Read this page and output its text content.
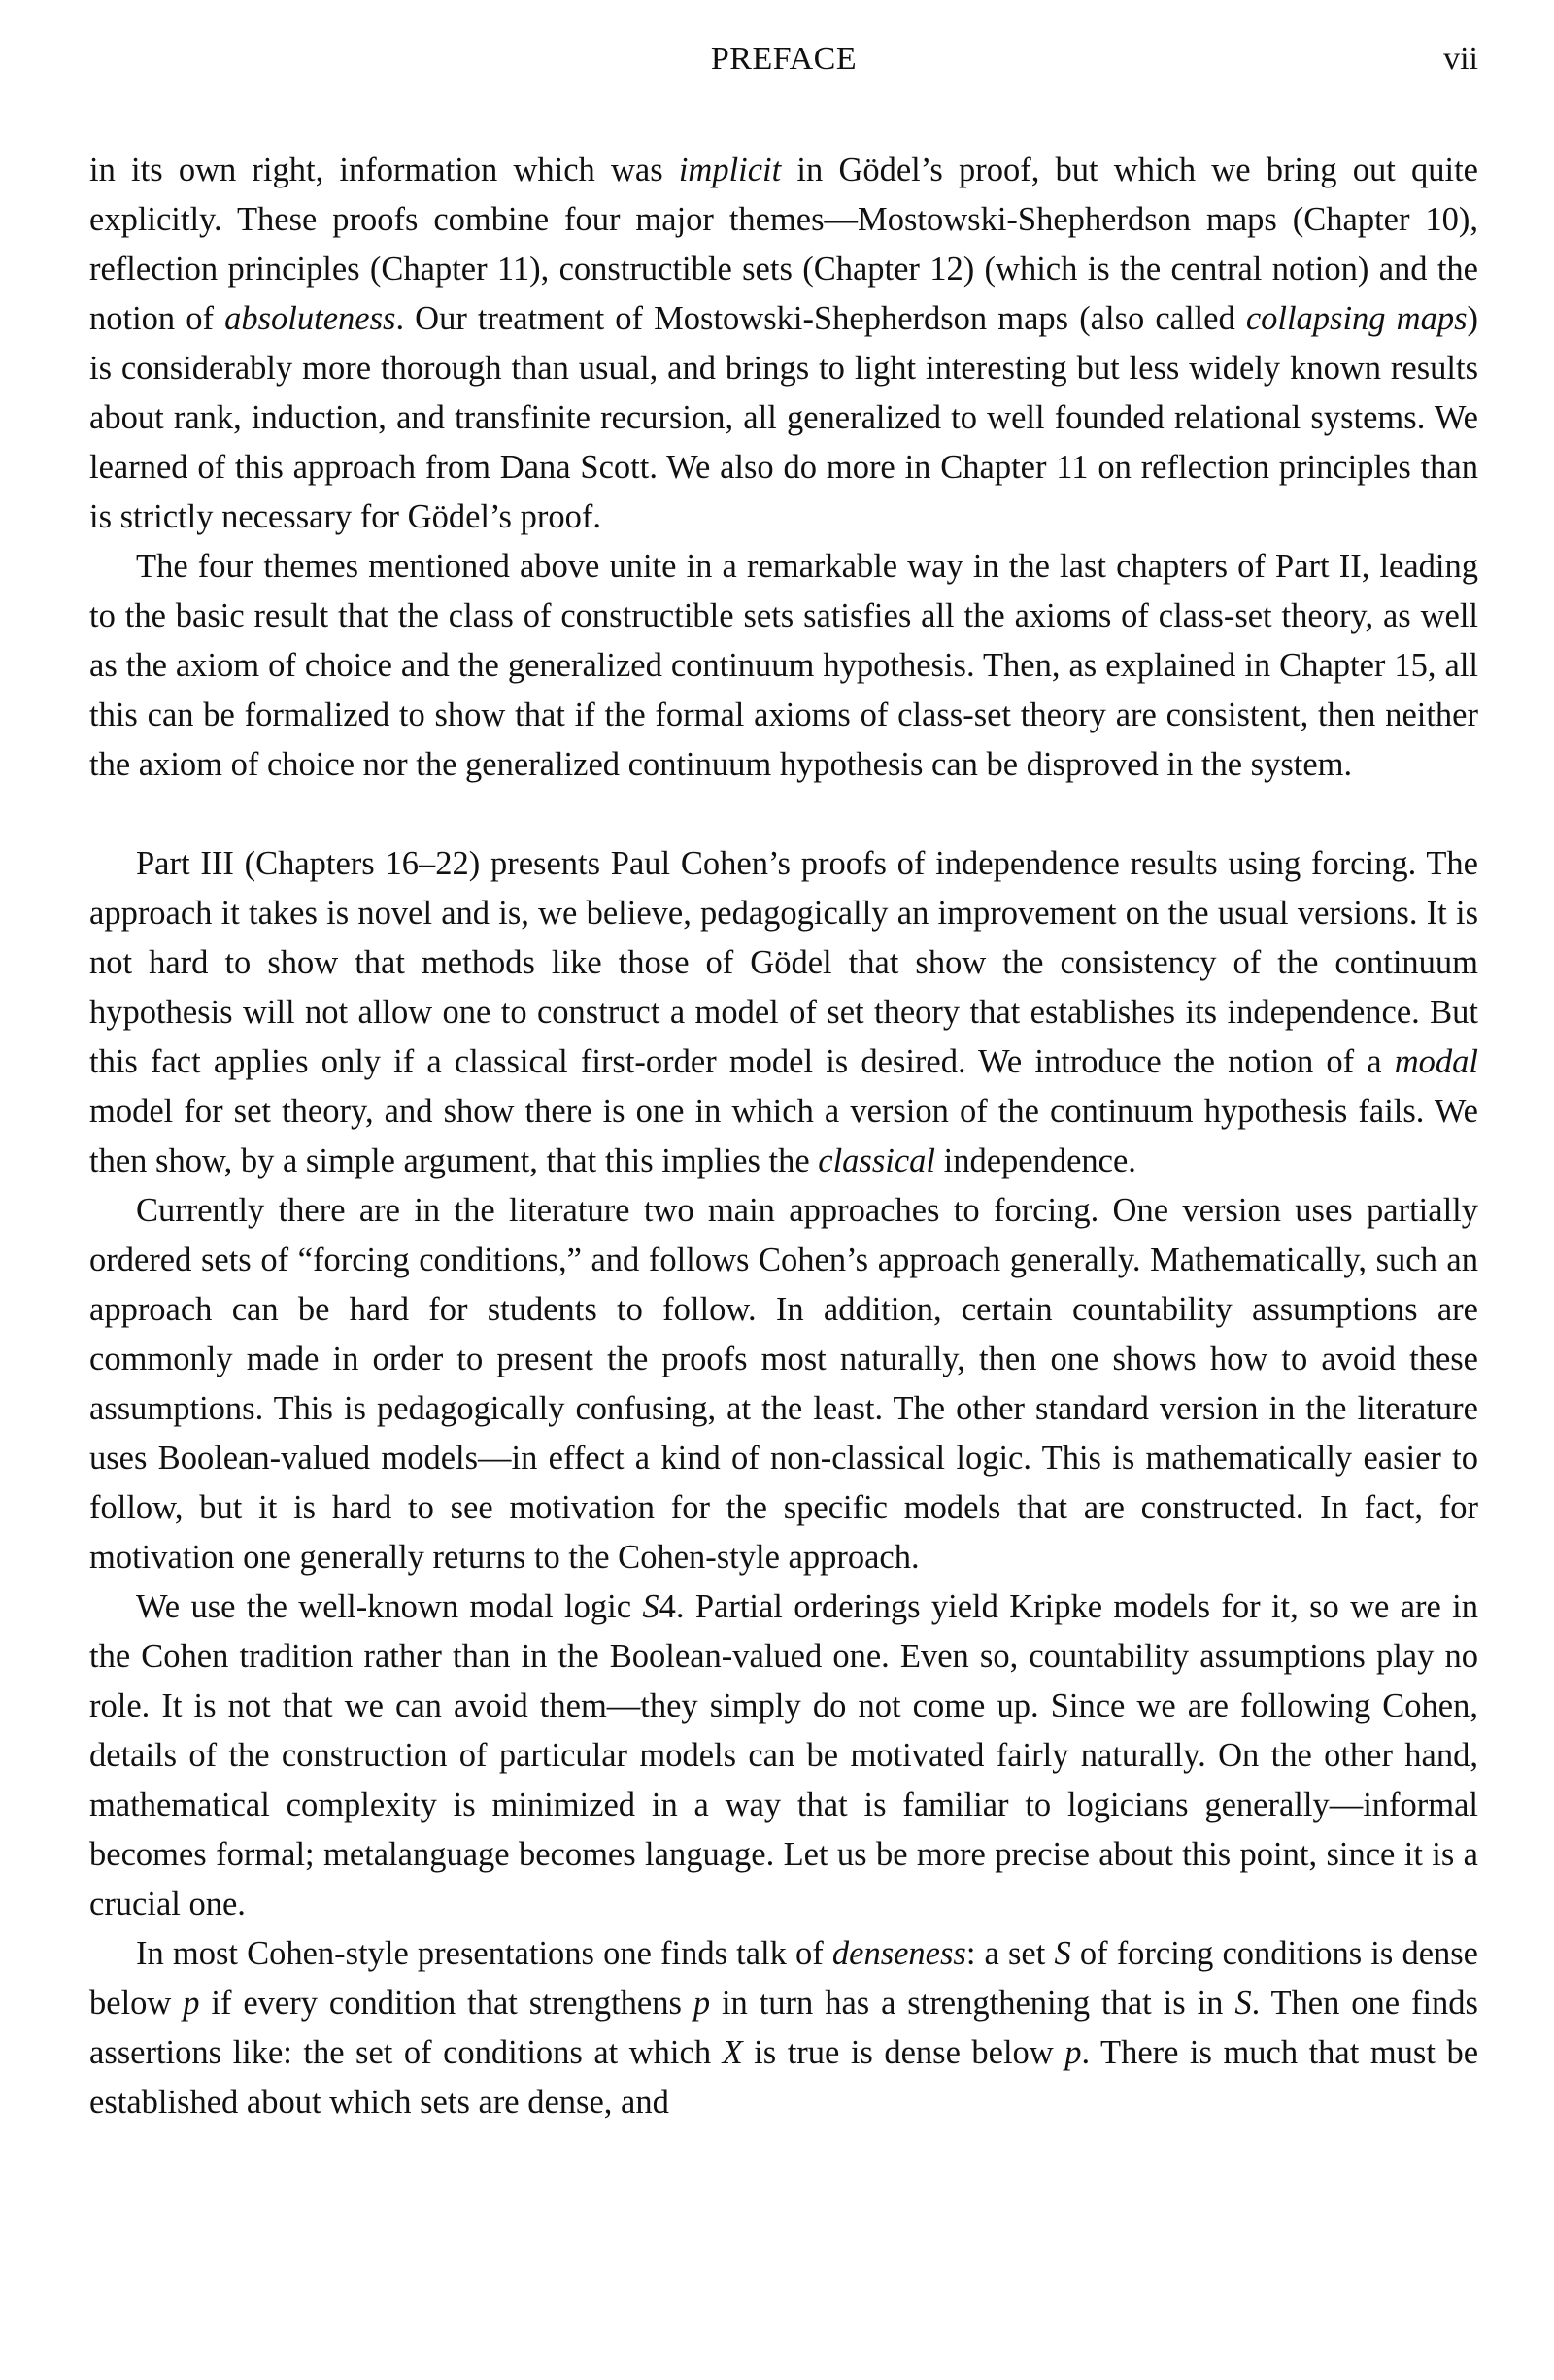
PREFACE	vii

in its own right, information which was implicit in Gödel’s proof, but which we bring out quite explicitly. These proofs combine four major themes—Mostowski-Shepherdson maps (Chapter 10), reflection principles (Chapter 11), constructible sets (Chapter 12) (which is the central notion) and the notion of absoluteness. Our treatment of Mostowski-Shepherdson maps (also called collapsing maps) is considerably more thorough than usual, and brings to light interesting but less widely known results about rank, induction, and transfinite recursion, all generalized to well founded relational systems. We learned of this approach from Dana Scott. We also do more in Chapter 11 on reflection principles than is strictly necessary for Gödel’s proof.

The four themes mentioned above unite in a remarkable way in the last chapters of Part II, leading to the basic result that the class of constructible sets satisfies all the axioms of class-set theory, as well as the axiom of choice and the generalized continuum hypothesis. Then, as explained in Chapter 15, all this can be formalized to show that if the formal axioms of class-set theory are consistent, then neither the axiom of choice nor the generalized continuum hypothesis can be disproved in the system.

Part III (Chapters 16–22) presents Paul Cohen’s proofs of independence results using forcing. The approach it takes is novel and is, we believe, pedagogically an improvement on the usual versions. It is not hard to show that methods like those of Gödel that show the consistency of the continuum hypothesis will not allow one to construct a model of set theory that establishes its independence. But this fact applies only if a classical first-order model is desired. We introduce the notion of a modal model for set theory, and show there is one in which a version of the continuum hypothesis fails. We then show, by a simple argument, that this implies the classical independence.

Currently there are in the literature two main approaches to forcing. One version uses partially ordered sets of “forcing conditions,” and follows Cohen’s approach generally. Mathematically, such an approach can be hard for students to follow. In addition, certain countability assumptions are commonly made in order to present the proofs most naturally, then one shows how to avoid these assumptions. This is pedagogically confusing, at the least. The other standard version in the literature uses Boolean-valued models—in effect a kind of non-classical logic. This is mathematically easier to follow, but it is hard to see motivation for the specific models that are constructed. In fact, for motivation one generally returns to the Cohen-style approach.

We use the well-known modal logic S4. Partial orderings yield Kripke models for it, so we are in the Cohen tradition rather than in the Boolean-valued one. Even so, countability assumptions play no role. It is not that we can avoid them—they simply do not come up. Since we are following Cohen, details of the construction of particular models can be motivated fairly naturally. On the other hand, mathematical complexity is minimized in a way that is familiar to logicians generally—informal becomes formal; metalanguage becomes language. Let us be more precise about this point, since it is a crucial one.

In most Cohen-style presentations one finds talk of denseness: a set S of forcing conditions is dense below p if every condition that strengthens p in turn has a strengthening that is in S. Then one finds assertions like: the set of conditions at which X is true is dense below p. There is much that must be established about which sets are dense, and
